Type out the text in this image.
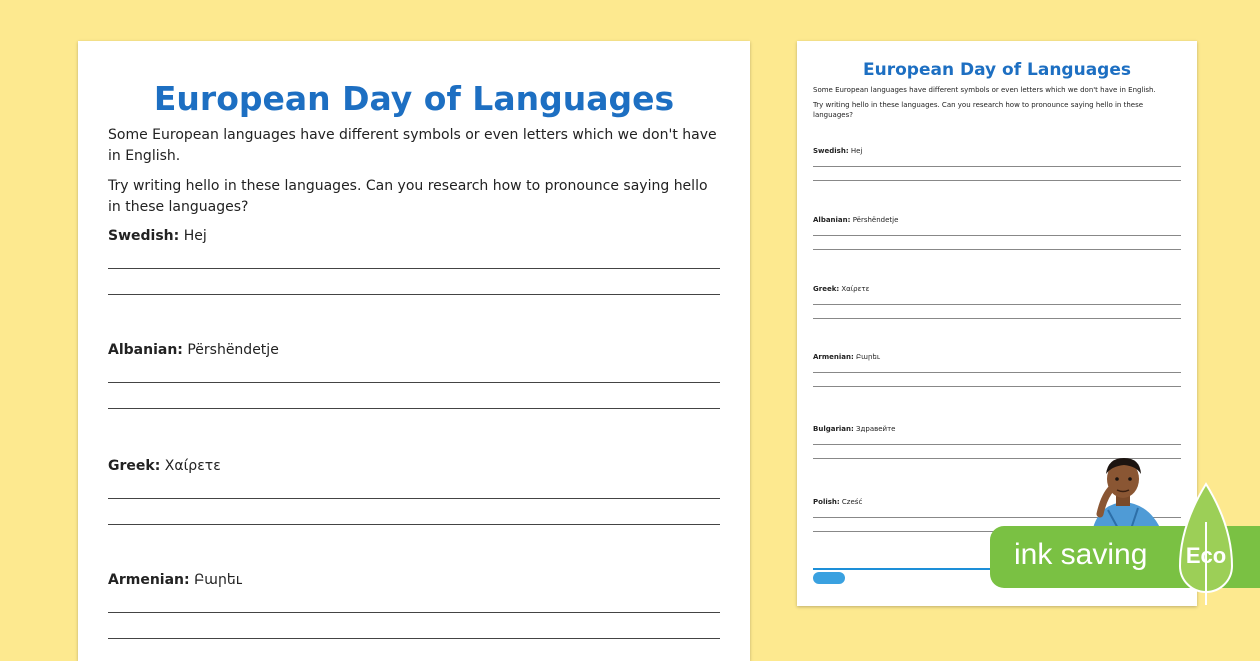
European Day of Languages
Some European languages have different symbols or even letters which we don't have in English.
Try writing hello in these languages. Can you research how to pronounce saying hello in these languages?
Swedish: Hej
Albanian: Përshëndetje
Greek: Χαίρετε
Armenian: Բարեւ
European Day of Languages
Some European languages have different symbols or even letters which we don't have in English.
Try writing hello in these languages. Can you research how to pronounce saying hello in these languages?
Swedish: Hej
Albanian: Përshëndetje
Greek: Χαίρετε
Armenian: Բարեւ
Bulgarian: Здравейте
Polish: Cześć
ink saving Eco
